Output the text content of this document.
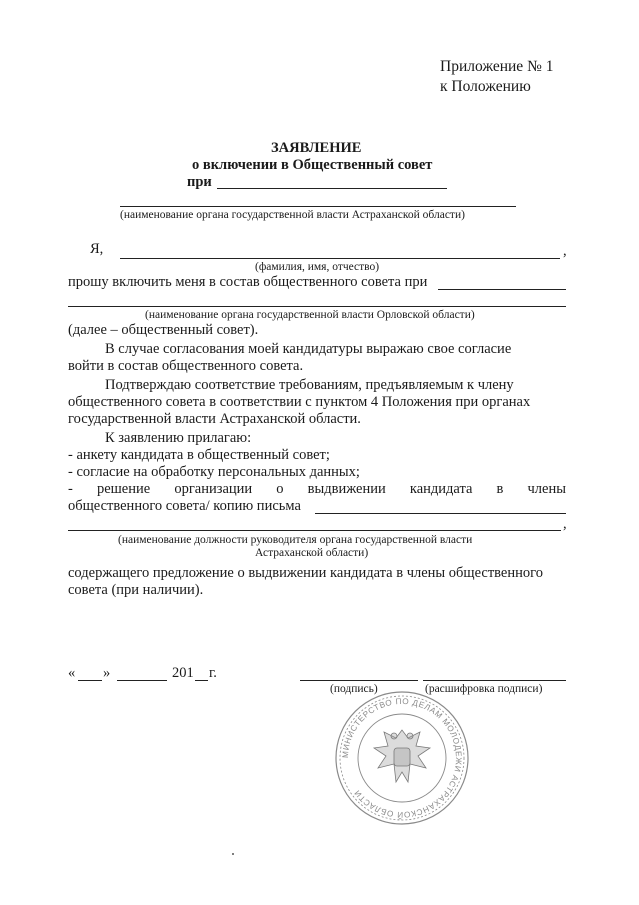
Приложение № 1
к Положению
ЗАЯВЛЕНИЕ
о включении в Общественный совет
при
(наименование органа государственной власти Астраханской области)
Я,	,
(фамилия, имя, отчество)
прошу включить меня в состав общественного совета при
(наименование органа государственной власти Орловской области)
(далее – общественный совет).
В случае согласования моей кандидатуры выражаю свое согласие
войти в состав общественного совета.
Подтверждаю соответствие требованиям, предъявляемым к члену
общественного совета в соответствии с пунктом 4 Положения при органах
государственной власти Астраханской области.
К заявлению прилагаю:
- анкету кандидата в общественный совет;
- согласие на обработку персональных данных;
- решение организации о выдвижении кандидата в члены
общественного совета/ копию письма
,
(наименование должности руководителя органа государственной власти
Астраханской области)
содержащего предложение о выдвижении кандидата в члены общественного
совета (при наличии).
« »	201 г.
(подпись)	(расшифровка подписи)
МИНИСТЕРСТВО ПО ДЕЛАМ МОЛОДЕЖИ АСТРАХАНСКОЙ ОБЛАСТИ
